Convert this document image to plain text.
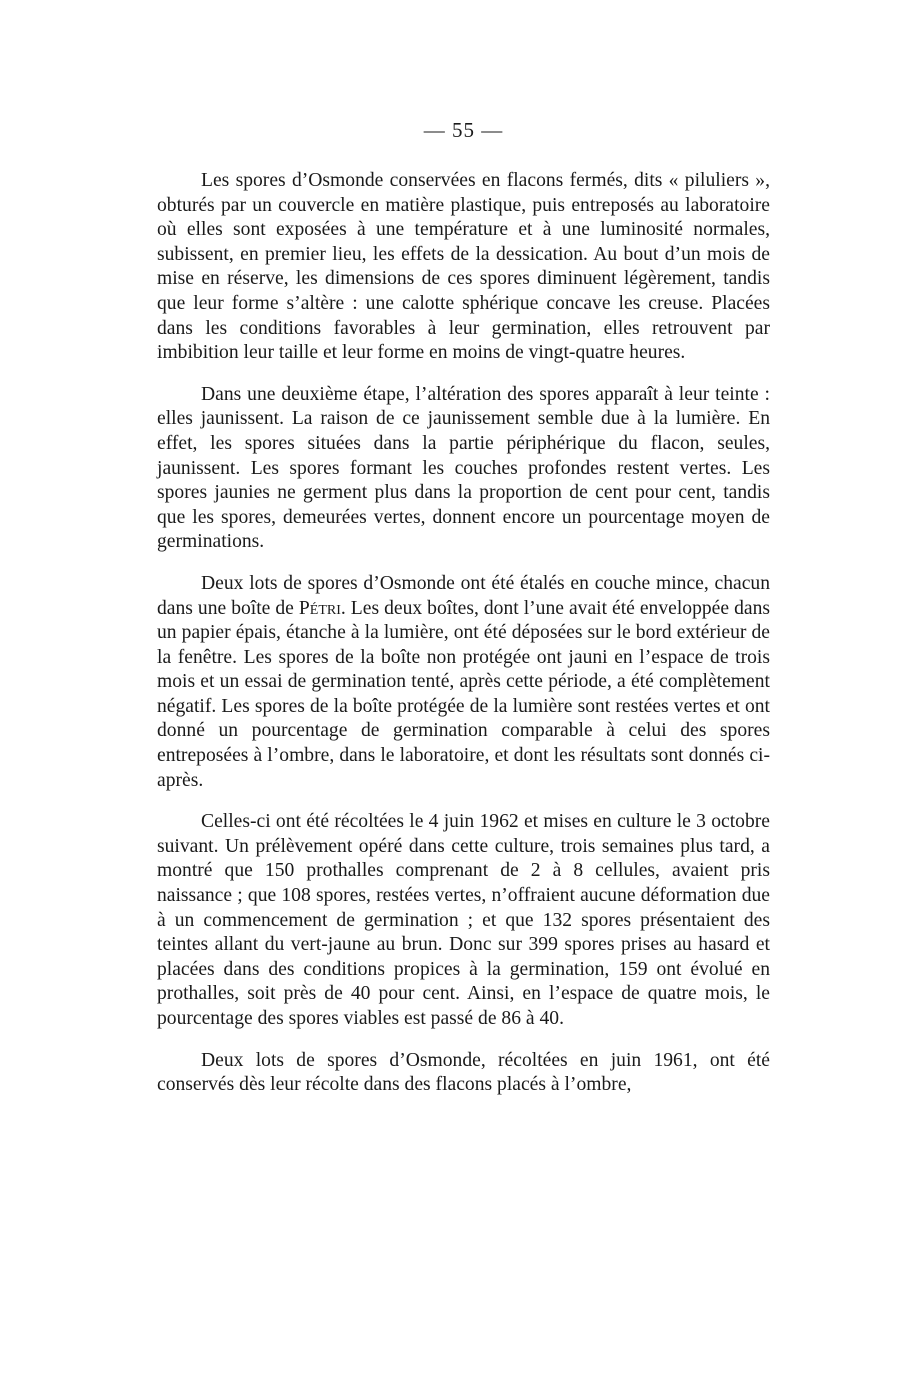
— 55 —

Les spores d’Osmonde conservées en flacons fermés, dits « piluliers », obturés par un couvercle en matière plastique, puis entreposés au laboratoire où elles sont exposées à une température et à une luminosité normales, subissent, en premier lieu, les effets de la dessication. Au bout d’un mois de mise en réserve, les dimensions de ces spores diminuent légèrement, tandis que leur forme s’altère : une calotte sphérique concave les creuse. Placées dans les conditions favorables à leur germination, elles retrouvent par imbibition leur taille et leur forme en moins de vingt-quatre heures.

Dans une deuxième étape, l’altération des spores apparaît à leur teinte : elles jaunissent. La raison de ce jaunissement semble due à la lumière. En effet, les spores situées dans la partie périphérique du flacon, seules, jaunissent. Les spores formant les couches profondes restent vertes. Les spores jaunies ne germent plus dans la proportion de cent pour cent, tandis que les spores, demeurées vertes, donnent encore un pourcentage moyen de germinations.

Deux lots de spores d’Osmonde ont été étalés en couche mince, chacun dans une boîte de Pétri. Les deux boîtes, dont l’une avait été enveloppée dans un papier épais, étanche à la lumière, ont été déposées sur le bord extérieur de la fenêtre. Les spores de la boîte non protégée ont jauni en l’espace de trois mois et un essai de germination tenté, après cette période, a été complètement négatif. Les spores de la boîte protégée de la lumière sont restées vertes et ont donné un pourcentage de germination comparable à celui des spores entreposées à l’ombre, dans le laboratoire, et dont les résultats sont donnés ci-après.

Celles-ci ont été récoltées le 4 juin 1962 et mises en culture le 3 octobre suivant. Un prélèvement opéré dans cette culture, trois semaines plus tard, a montré que 150 prothalles comprenant de 2 à 8 cellules, avaient pris naissance ; que 108 spores, restées vertes, n’offraient aucune déformation due à un commencement de germination ; et que 132 spores présentaient des teintes allant du vert-jaune au brun. Donc sur 399 spores prises au hasard et placées dans des conditions propices à la germination, 159 ont évolué en prothalles, soit près de 40 pour cent. Ainsi, en l’espace de quatre mois, le pourcentage des spores viables est passé de 86 à 40.

Deux lots de spores d’Osmonde, récoltées en juin 1961, ont été conservés dès leur récolte dans des flacons placés à l’ombre,
